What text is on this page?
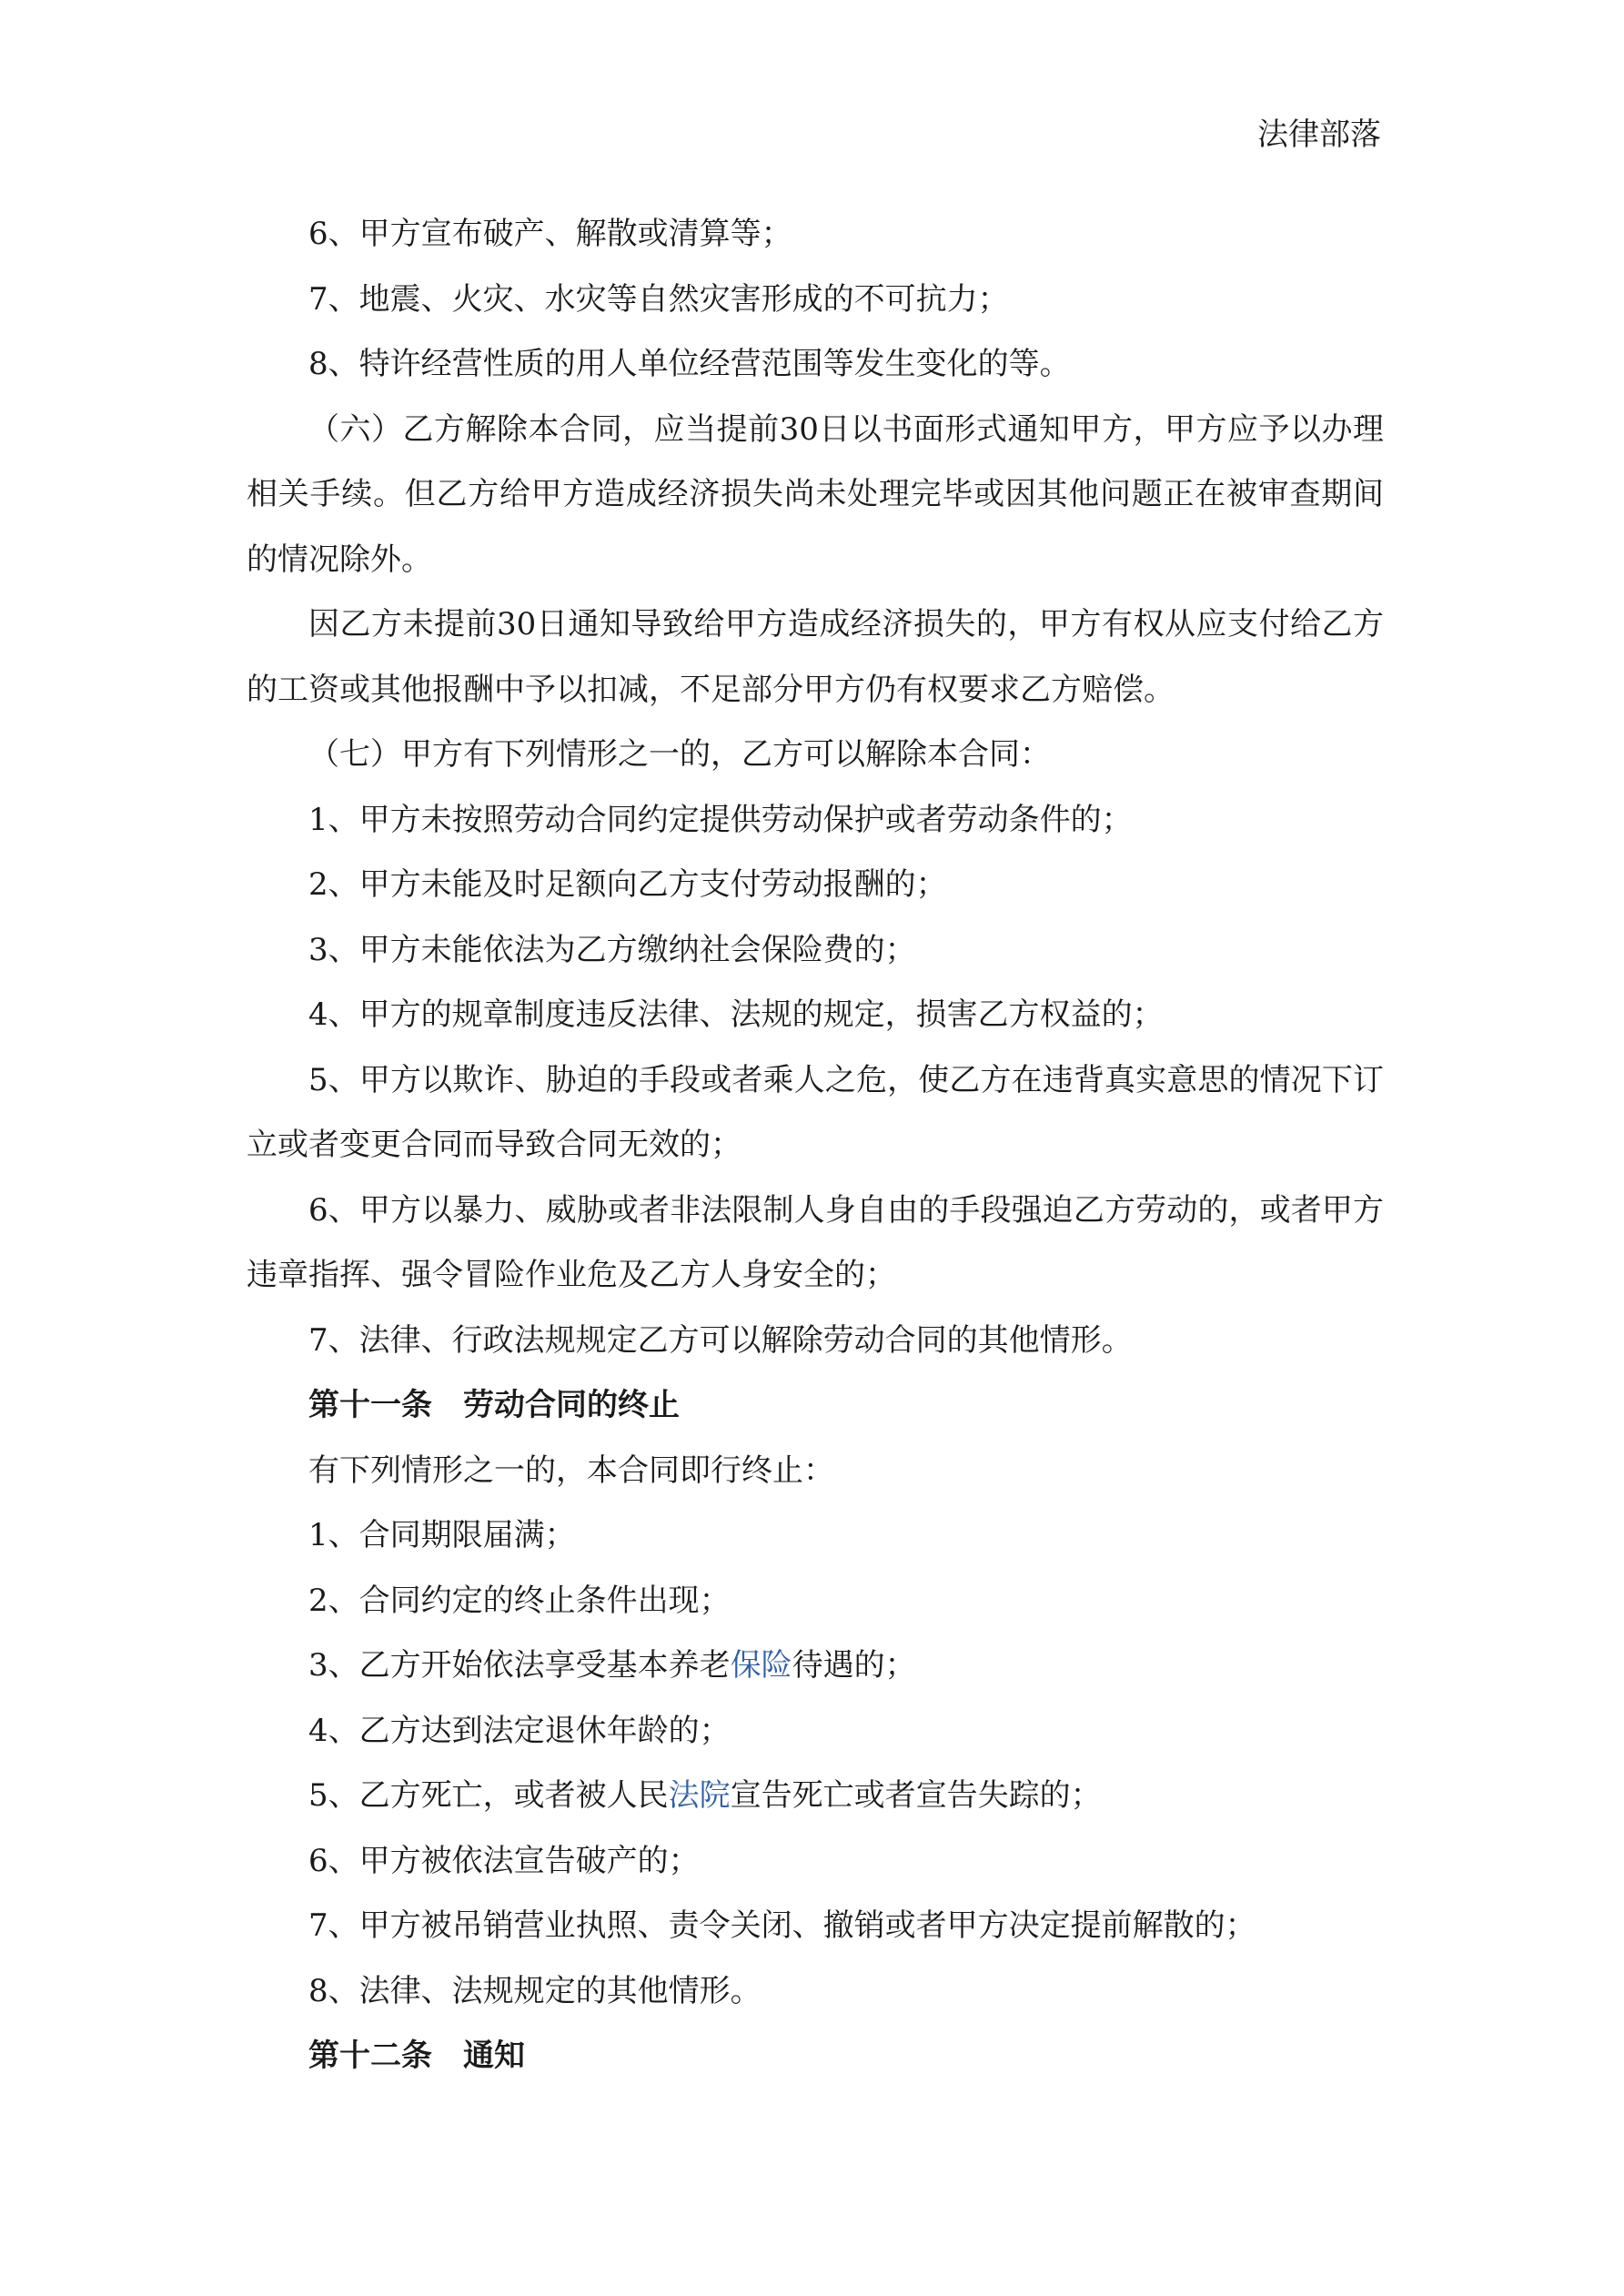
法律部落

6、甲方宣布破产、解散或清算等；

7、地震、火灾、水灾等自然灾害形成的不可抗力；

8、特许经营性质的用人单位经营范围等发生变化的等。

（六）乙方解除本合同，应当提前30日以书面形式通知甲方，甲方应予以办理相关手续。但乙方给甲方造成经济损失尚未处理完毕或因其他问题正在被审查期间的情况除外。

因乙方未提前30日通知导致给甲方造成经济损失的，甲方有权从应支付给乙方的工资或其他报酬中予以扣减，不足部分甲方仍有权要求乙方赔偿。

（七）甲方有下列情形之一的，乙方可以解除本合同：

1、甲方未按照劳动合同约定提供劳动保护或者劳动条件的；

2、甲方未能及时足额向乙方支付劳动报酬的；

3、甲方未能依法为乙方缴纳社会保险费的；

4、甲方的规章制度违反法律、法规的规定，损害乙方权益的；

5、甲方以欺诈、胁迫的手段或者乘人之危，使乙方在违背真实意思的情况下订立或者变更合同而导致合同无效的；

6、甲方以暴力、威胁或者非法限制人身自由的手段强迫乙方劳动的，或者甲方违章指挥、强令冒险作业危及乙方人身安全的；

7、法律、行政法规规定乙方可以解除劳动合同的其他情形。

第十一条　劳动合同的终止

有下列情形之一的，本合同即行终止：

1、合同期限届满；

2、合同约定的终止条件出现；

3、乙方开始依法享受基本养老保险待遇的；

4、乙方达到法定退休年龄的；

5、乙方死亡，或者被人民法院宣告死亡或者宣告失踪的；

6、甲方被依法宣告破产的；

7、甲方被吊销营业执照、责令关闭、撤销或者甲方决定提前解散的；

8、法律、法规规定的其他情形。

第十二条　通知
